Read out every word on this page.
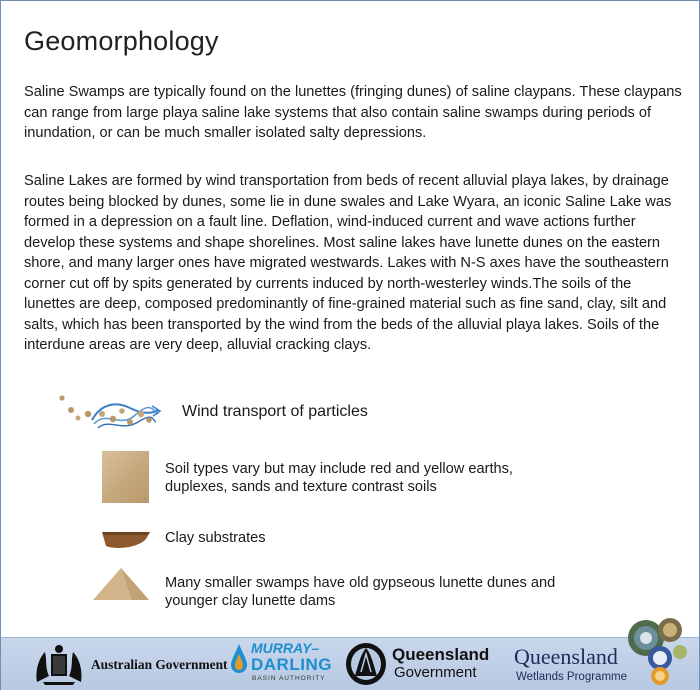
Geomorphology
Saline Swamps are typically found on the lunettes (fringing dunes) of saline claypans. These claypans can range from large playa saline lake systems that also contain saline swamps during periods of inundation, or can be much smaller isolated salty depressions.
Saline Lakes are formed by wind transportation from beds of recent alluvial playa lakes, by drainage routes being blocked by dunes, some lie in dune swales and Lake Wyara, an iconic Saline Lake was formed in a depression on a fault line. Deflation, wind-induced current and wave actions further develop these systems and shape shorelines. Most saline lakes have lunette dunes on the eastern shore, and many larger ones have migrated westwards. Lakes with N-S axes have the southeastern corner cut off by spits generated by currents induced by north-westerley winds.The soils of the lunettes are deep, composed predominantly of fine-grained material such as fine sand, clay, silt and salts, which has been transported by the wind from the beds of the alluvial playa lakes. Soils of the interdune areas are very deep, alluvial cracking clays.
Wind transport of particles
Soil types vary but may include red and yellow earths,
duplexes, sands and texture contrast soils
Clay substrates
Many smaller swamps have old gypseous lunette dunes and
younger clay lunette dams
Australian Government
MURRAY–
DARLING
BASIN AUTHORITY
Queensland
Government
Queensland
Wetlands Programme
